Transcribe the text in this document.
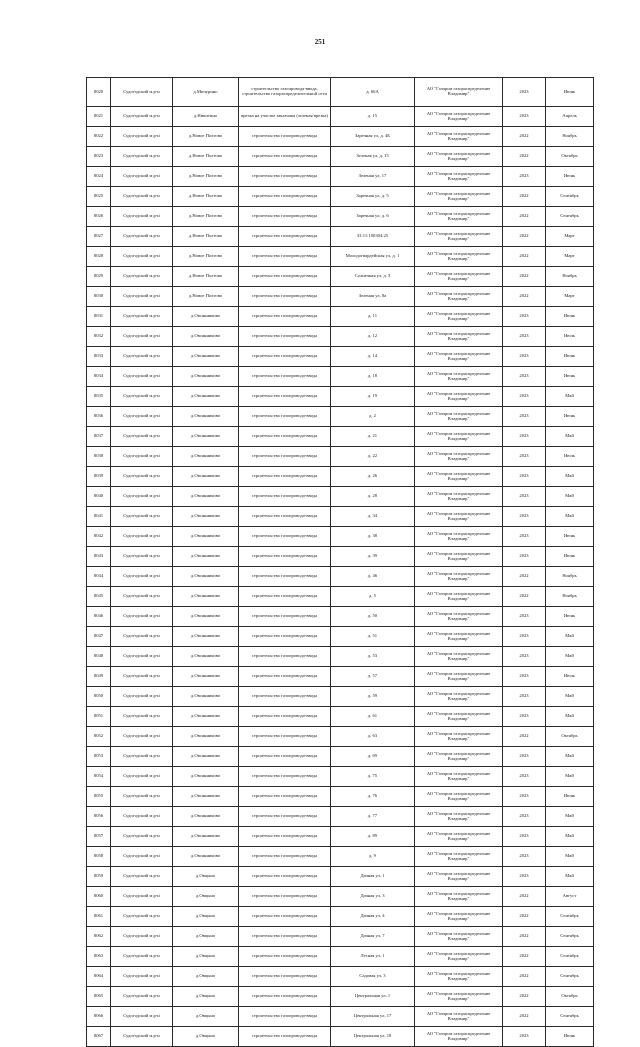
251
8020	Судогодский м.р-н	д.Мичурино	строительство газопровода-ввода, строительство газораспределительной сети	д. 66А	АО "Газпром газораспределение Владимир"	2023	Июнь
8021	Судогодский м.р-н	д.Никитино	врезка на участке заказчика (зеленая врезка)	д. 15	АО "Газпром газораспределение Владимир"	2023	Апрель
8022	Судогодский м.р-н	д.Новое Полтово	строительство газопровода-ввода	Заречная ул, д. 4Б	АО "Газпром газораспределение Владимир"	2022	Ноябрь
8023	Судогодский м.р-н	д.Новое Полтово	строительство газопровода-ввода	Зеленая ул, д. 15	АО "Газпром газораспределение Владимир"	2022	Октябрь
8024	Судогодский м.р-н	д.Новое Полтово	строительство газопровода-ввода	Зеленая ул, 17	АО "Газпром газораспределение Владимир"	2023	Июнь
8025	Судогодский м.р-н	д.Новое Полтово	строительство газопровода-ввода	Заречная ул, д. 5	АО "Газпром газораспределение Владимир"	2022	Сентябрь
8026	Судогодский м.р-н	д.Новое Полтово	строительство газопровода-ввода	Заречная ул, д. 6	АО "Газпром газораспределение Владимир"	2022	Сентябрь
8027	Судогодский м.р-н	д.Новое Полтово	строительство газопровода-ввода	33:11:100304:25	АО "Газпром газораспределение Владимир"	2022	Март
8028	Судогодский м.р-н	д.Новое Полтово	строительство газопровода-ввода	Молодогвардейская ул, д. 1	АО "Газпром газораспределение Владимир"	2022	Март
8029	Судогодский м.р-н	д.Новое Полтово	строительство газопровода-ввода	Солнечная ул, д. 3	АО "Газпром газораспределение Владимир"	2022	Ноябрь
8030	Судогодский м.р-н	д.Новое Полтово	строительство газопровода-ввода	Зеленая ул, 8а	АО "Газпром газораспределение Владимир"	2022	Март
8031	Судогодский м.р-н	д.Овсянниково	строительство газопровода-ввода	д. 11	АО "Газпром газораспределение Владимир"	2023	Июнь
8032	Судогодский м.р-н	д.Овсянниково	строительство газопровода-ввода	д. 12	АО "Газпром газораспределение Владимир"	2023	Июль
8033	Судогодский м.р-н	д.Овсянниково	строительство газопровода-ввода	д. 14	АО "Газпром газораспределение Владимир"	2023	Июнь
8034	Судогодский м.р-н	д.Овсянниково	строительство газопровода-ввода	д. 18	АО "Газпром газораспределение Владимир"	2023	Июнь
8035	Судогодский м.р-н	д.Овсянниково	строительство газопровода-ввода	д. 19	АО "Газпром газораспределение Владимир"	2023	Май
8036	Судогодский м.р-н	д.Овсянниково	строительство газопровода-ввода	д. 2	АО "Газпром газораспределение Владимир"	2023	Июнь
8037	Судогодский м.р-н	д.Овсянниково	строительство газопровода-ввода	д. 21	АО "Газпром газораспределение Владимир"	2023	Май
8038	Судогодский м.р-н	д.Овсянниково	строительство газопровода-ввода	д. 22	АО "Газпром газораспределение Владимир"	2023	Июль
8039	Судогодский м.р-н	д.Овсянниково	строительство газопровода-ввода	д. 26	АО "Газпром газораспределение Владимир"	2023	Май
8040	Судогодский м.р-н	д.Овсянниково	строительство газопровода-ввода	д. 28	АО "Газпром газораспределение Владимир"	2023	Май
8041	Судогодский м.р-н	д.Овсянниково	строительство газопровода-ввода	д. 34	АО "Газпром газораспределение Владимир"	2023	Май
8042	Судогодский м.р-н	д.Овсянниково	строительство газопровода-ввода	д. 38	АО "Газпром газораспределение Владимир"	2023	Июнь
8043	Судогодский м.р-н	д.Овсянниково	строительство газопровода-ввода	д. 39	АО "Газпром газораспределение Владимир"	2023	Июнь
8044	Судогодский м.р-н	д.Овсянниково	строительство газопровода-ввода	д. 46	АО "Газпром газораспределение Владимир"	2022	Ноябрь
8045	Судогодский м.р-н	д.Овсянниково	строительство газопровода-ввода	д. 5	АО "Газпром газораспределение Владимир"	2022	Ноябрь
8046	Судогодский м.р-н	д.Овсянниково	строительство газопровода-ввода	д. 50	АО "Газпром газораспределение Владимир"	2023	Июнь
8047	Судогодский м.р-н	д.Овсянниково	строительство газопровода-ввода	д. 51	АО "Газпром газораспределение Владимир"	2023	Май
8048	Судогодский м.р-н	д.Овсянниково	строительство газопровода-ввода	д. 53	АО "Газпром газораспределение Владимир"	2023	Май
8049	Судогодский м.р-н	д.Овсянниково	строительство газопровода-ввода	д. 57	АО "Газпром газораспределение Владимир"	2023	Июль
8050	Судогодский м.р-н	д.Овсянниково	строительство газопровода-ввода	д. 59	АО "Газпром газораспределение Владимир"	2023	Май
8051	Судогодский м.р-н	д.Овсянниково	строительство газопровода-ввода	д. 61	АО "Газпром газораспределение Владимир"	2023	Май
8052	Судогодский м.р-н	д.Овсянниково	строительство газопровода-ввода	д. 63	АО "Газпром газораспределение Владимир"	2022	Октябрь
8053	Судогодский м.р-н	д.Овсянниково	строительство газопровода-ввода	д. 69	АО "Газпром газораспределение Владимир"	2023	Май
8054	Судогодский м.р-н	д.Овсянниково	строительство газопровода-ввода	д. 75	АО "Газпром газораспределение Владимир"	2023	Май
8055	Судогодский м.р-н	д.Овсянниково	строительство газопровода-ввода	д. 76	АО "Газпром газораспределение Владимир"	2023	Июнь
8056	Судогодский м.р-н	д.Овсянниково	строительство газопровода-ввода	д. 77	АО "Газпром газораспределение Владимир"	2023	Май
8057	Судогодский м.р-н	д.Овсянниково	строительство газопровода-ввода	д. 89	АО "Газпром газораспределение Владимир"	2023	Май
8058	Судогодский м.р-н	д.Овсянниково	строительство газопровода-ввода	д. 9	АО "Газпром газораспределение Владимир"	2023	Май
8059	Судогодский м.р-н	д.Овцыно	строительство газопровода-ввода	Дачная ул, 1	АО "Газпром газораспределение Владимир"	2023	Май
8060	Судогодский м.р-н	д.Овцыно	строительство газопровода-ввода	Дачная ул, 3	АО "Газпром газораспределение Владимир"	2022	Август
8061	Судогодский м.р-н	д.Овцыно	строительство газопровода-ввода	Дачная ул, 4	АО "Газпром газораспределение Владимир"	2022	Сентябрь
8062	Судогодский м.р-н	д.Овцыно	строительство газопровода-ввода	Дачная ул, 7	АО "Газпром газораспределение Владимир"	2022	Сентябрь
8063	Судогодский м.р-н	д.Овцыно	строительство газопровода-ввода	Лесная ул, 1	АО "Газпром газораспределение Владимир"	2022	Сентябрь
8064	Судогодский м.р-н	д.Овцыно	строительство газопровода-ввода	Садовая ул, 3	АО "Газпром газораспределение Владимир"	2022	Сентябрь
8065	Судогодский м.р-н	д.Овцыно	строительство газопровода-ввода	Центральная ул, 1	АО "Газпром газораспределение Владимир"	2022	Октябрь
8066	Судогодский м.р-н	д.Овцыно	строительство газопровода-ввода	Центральная ул, 17	АО "Газпром газораспределение Владимир"	2022	Сентябрь
8067	Судогодский м.р-н	д.Овцыно	строительство газопровода-ввода	Центральная ул, 18	АО "Газпром газораспределение Владимир"	2023	Июнь
